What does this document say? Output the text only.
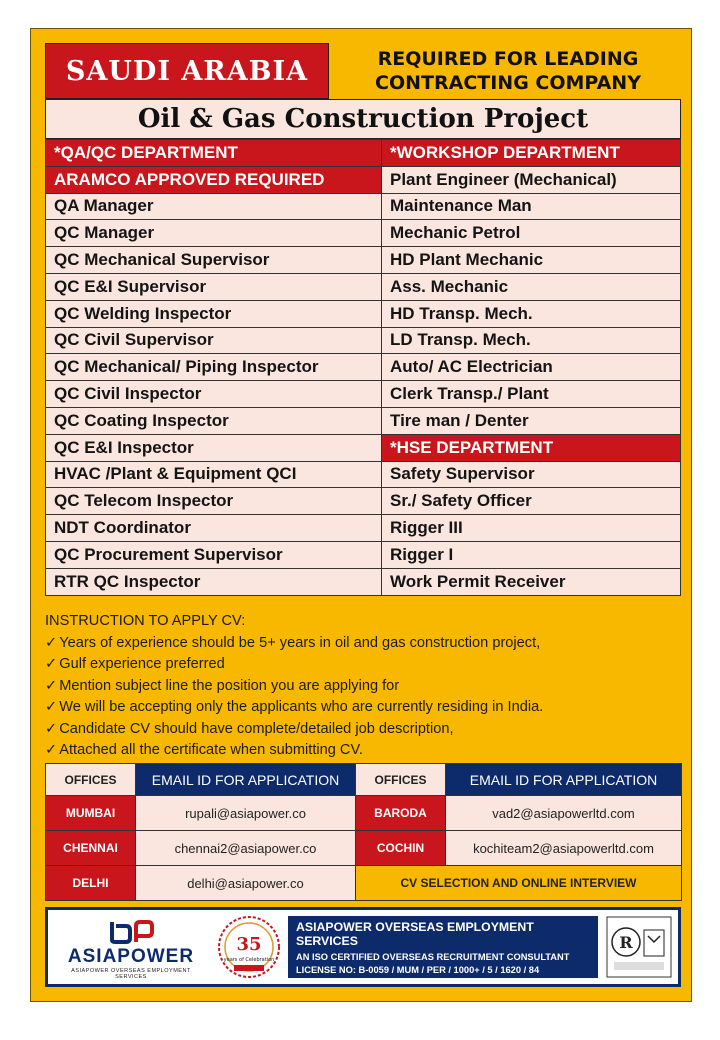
SAUDI ARABIA	REQUIRED FOR LEADING
CONTRACTING COMPANY
Oil & Gas Construction Project
*QA/QC DEPARTMENT	*WORKSHOP DEPARTMENT
ARAMCO APPROVED REQUIRED	Plant Engineer (Mechanical)
QA Manager	Maintenance Man
QC Manager	Mechanic Petrol
QC Mechanical Supervisor	HD Plant Mechanic
QC E&I Supervisor	Ass. Mechanic
QC Welding Inspector	HD Transp. Mech.
QC Civil Supervisor	LD Transp. Mech.
QC Mechanical/ Piping Inspector	Auto/ AC Electrician
QC Civil Inspector	Clerk Transp./ Plant
QC Coating Inspector	Tire man / Denter
QC E&I Inspector	*HSE DEPARTMENT
HVAC /Plant & Equipment QCI	Safety Supervisor
QC Telecom Inspector	Sr./ Safety Officer
NDT Coordinator	Rigger III
QC Procurement Supervisor	Rigger I
RTR QC Inspector	Work Permit Receiver
INSTRUCTION TO APPLY CV:
✓ Years of experience should be 5+ years in oil and gas construction project,
✓ Gulf experience preferred
✓ Mention subject line the position you are applying for
✓ We will be accepting only the applicants who are currently residing in India.
✓ Candidate CV should have complete/detailed job description,
✓ Attached all the certificate when submitting CV.
OFFICES	EMAIL ID FOR APPLICATION	OFFICES	EMAIL ID FOR APPLICATION
MUMBAI	rupali@asiapower.co	BARODA	vad2@asiapowerltd.com
CHENNAI	chennai2@asiapower.co	COCHIN	kochiteam2@asiapowerltd.com
DELHI	delhi@asiapower.co	CV SELECTION AND ONLINE INTERVIEW	
ASIAPOWER
ASIAPOWER OVERSEAS EMPLOYMENT SERVICES
35
years of Celebration
ASIAPOWER OVERSEAS EMPLOYMENT SERVICES
AN ISO CERTIFIED OVERSEAS RECRUITMENT CONSULTANT
LICENSE NO: B-0059 / MUM / PER / 1000+ / 5 / 1620 / 84
R
